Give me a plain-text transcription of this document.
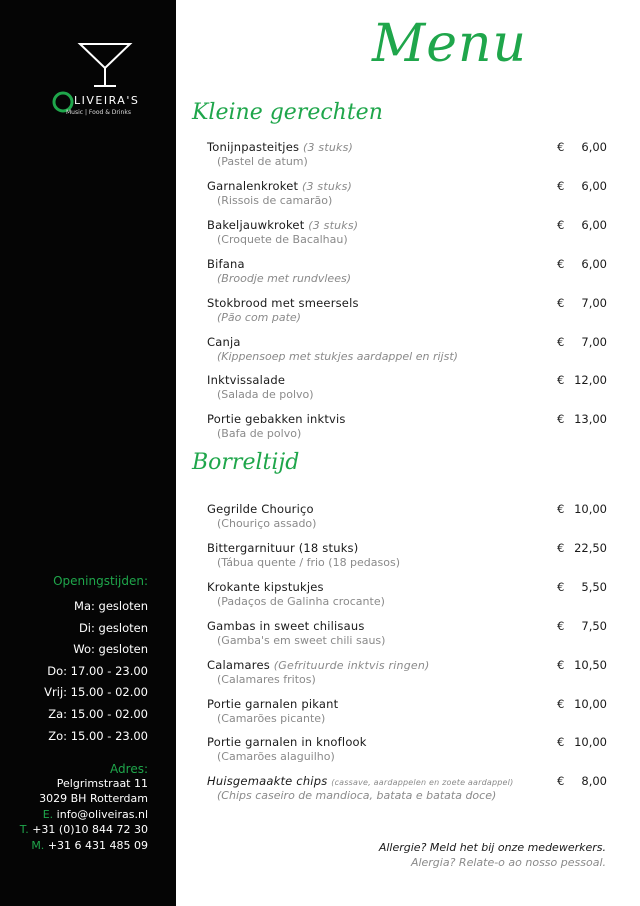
LIVEIRA'S
Music | Food & Drinks
Openingstijden:
Ma: gesloten
Di: gesloten
Wo: gesloten
Do: 17.00 - 23.00
Vrij: 15.00 - 02.00
Za: 15.00 - 02.00
Zo: 15.00 - 23.00
Adres:
Pelgrimstraat 11
3029 BH Rotterdam
E. info@oliveiras.nl
T. +31 (0)10 844 72 30
M. +31 6 431 485 09
Menu
Kleine gerechten
Tonijnpasteitjes (3 stuks)
(Pastel de atum)
€ 6,00
Garnalenkroket (3 stuks)
(Rissois de camarão)
€ 6,00
Bakeljauwkroket (3 stuks)
(Croquete de Bacalhau)
€ 6,00
Bifana
(Broodje met rundvlees)
€ 6,00
Stokbrood met smeersels
(Pão com pate)
€ 7,00
Canja
(Kippensoep met stukjes aardappel en rijst)
€ 7,00
Inktvissalade
(Salada de polvo)
€ 12,00
Portie gebakken inktvis
(Bafa de polvo)
€ 13,00
Borreltijd
Gegrilde Chouriço
(Chouriço assado)
€ 10,00
Bittergarnituur (18 stuks)
(Tábua quente / frio (18 pedasos)
€ 22,50
Krokante kipstukjes
(Padaços de Galinha crocante)
€ 5,50
Gambas in sweet chilisaus
(Gamba's em sweet chili saus)
€ 7,50
Calamares (Gefrituurde inktvis ringen)
(Calamares fritos)
€ 10,50
Portie garnalen pikant
(Camarões picante)
€ 10,00
Portie garnalen in knoflook
(Camarões alaguilho)
€ 10,00
Huisgemaakte chips (cassave, aardappelen en zoete aardappel)
(Chips caseiro de mandioca, batata e batata doce)
€ 8,00
Allergie? Meld het bij onze medewerkers.
Alergia? Relate-o ao nosso pessoal.
